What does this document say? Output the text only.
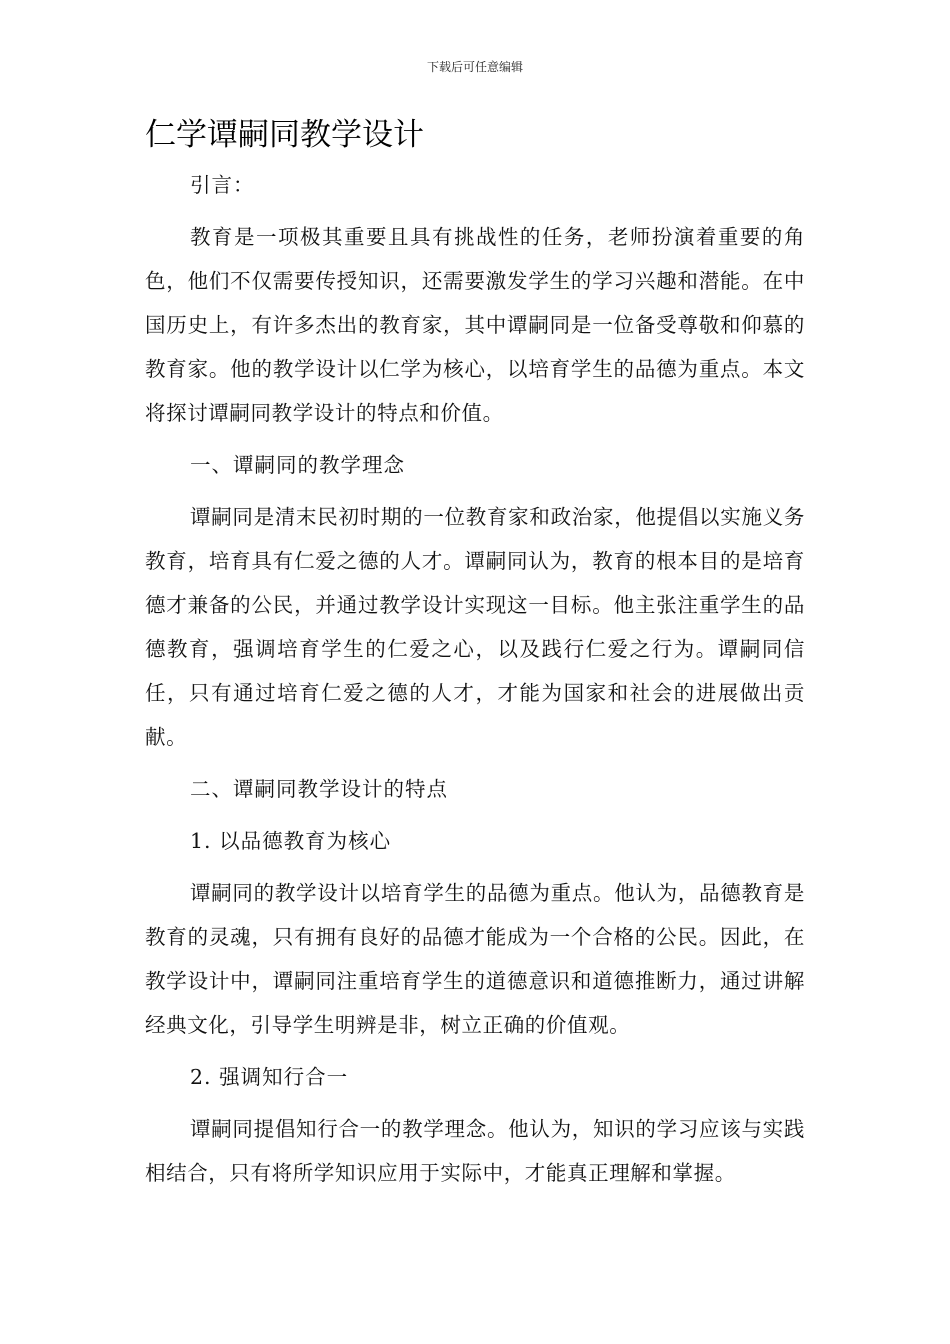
下载后可任意编辑

仁学谭嗣同教学设计

引言：

教育是一项极其重要且具有挑战性的任务，老师扮演着重要的角色，他们不仅需要传授知识，还需要激发学生的学习兴趣和潜能。在中国历史上，有许多杰出的教育家，其中谭嗣同是一位备受尊敬和仰慕的教育家。他的教学设计以仁学为核心，以培育学生的品德为重点。本文将探讨谭嗣同教学设计的特点和价值。

一、谭嗣同的教学理念

谭嗣同是清末民初时期的一位教育家和政治家，他提倡以实施义务教育，培育具有仁爱之德的人才。谭嗣同认为，教育的根本目的是培育德才兼备的公民，并通过教学设计实现这一目标。他主张注重学生的品德教育，强调培育学生的仁爱之心，以及践行仁爱之行为。谭嗣同信任，只有通过培育仁爱之德的人才，才能为国家和社会的进展做出贡献。

二、谭嗣同教学设计的特点

1. 以品德教育为核心

谭嗣同的教学设计以培育学生的品德为重点。他认为，品德教育是教育的灵魂，只有拥有良好的品德才能成为一个合格的公民。因此，在教学设计中，谭嗣同注重培育学生的道德意识和道德推断力，通过讲解经典文化，引导学生明辨是非，树立正确的价值观。

2. 强调知行合一

谭嗣同提倡知行合一的教学理念。他认为，知识的学习应该与实践相结合，只有将所学知识应用于实际中，才能真正理解和掌握。
